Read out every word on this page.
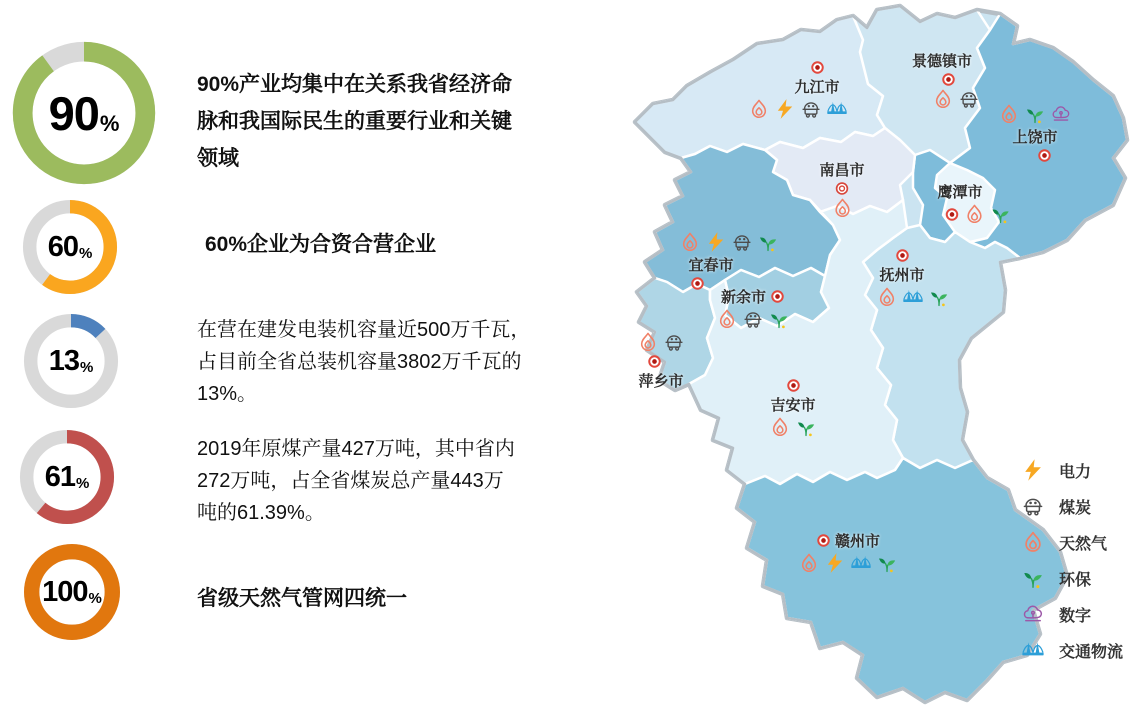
90 %
90%产业均集中在关系我省经济命
脉和我国际民生的重要行业和关键
领域
60 %	60%企业为合资合营企业
13 %
在营在建发电装机容量近500万千瓦，
占目前全省总装机容量3802万千瓦的
13%。
61 %
2019年原煤产量427万吨，其中省内
272万吨，占全省煤炭总产量443万
吨的61.39%。
100 %	省级天然气管网四统一
九江市
景德镇市
上饶市
南昌市
鹰潭市
抚州市
宜春市
新余市
萍乡市
吉安市
赣州市
电力
煤炭
天然气
环保
数字
交通物流
